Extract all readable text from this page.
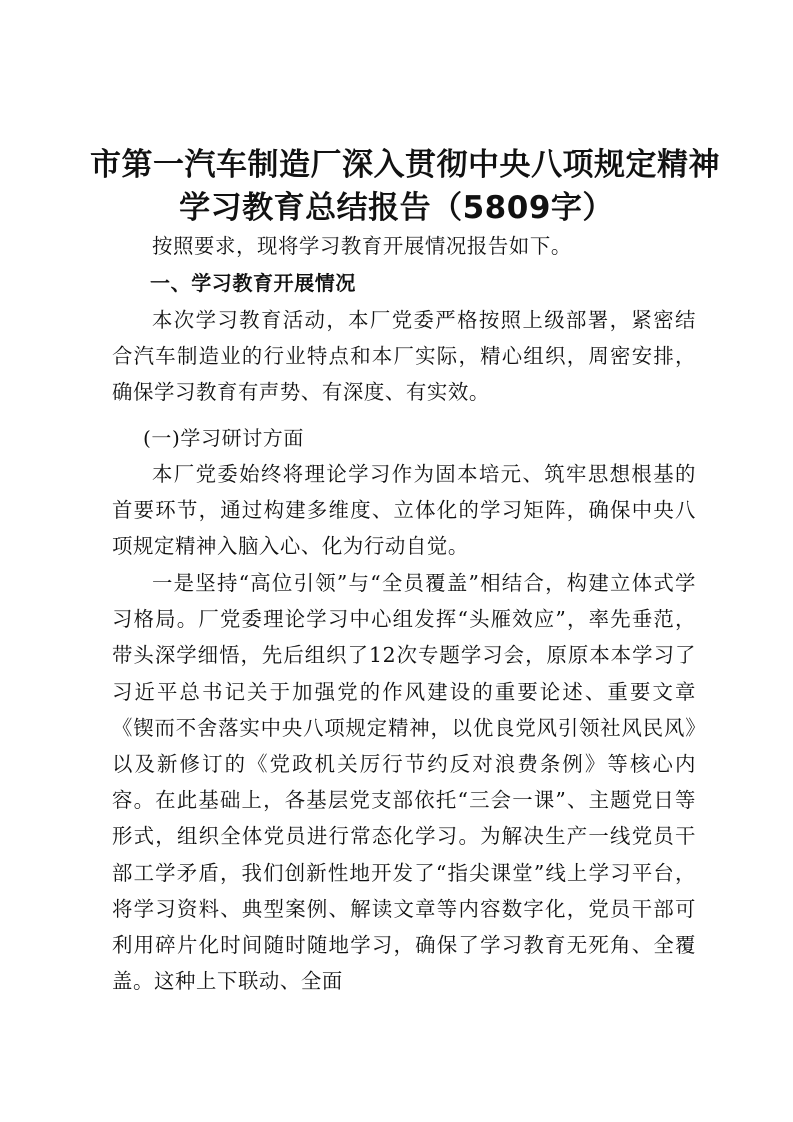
市第一汽车制造厂深入贯彻中央八项规定精神
学习教育总结报告（5809字）
按照要求，现将学习教育开展情况报告如下。
一、学习教育开展情况
本次学习教育活动，本厂党委严格按照上级部署，紧密结合汽车制造业的行业特点和本厂实际，精心组织，周密安排，确保学习教育有声势、有深度、有实效。
(一)学习研讨方面
本厂党委始终将理论学习作为固本培元、筑牢思想根基的首要环节，通过构建多维度、立体化的学习矩阵，确保中央八项规定精神入脑入心、化为行动自觉。
一是坚持“高位引领”与“全员覆盖”相结合，构建立体式学习格局。厂党委理论学习中心组发挥“头雁效应”，率先垂范，带头深学细悟，先后组织了12次专题学习会，原原本本学习了习近平总书记关于加强党的作风建设的重要论述、重要文章《锲而不舍落实中央八项规定精神，以优良党风引领社风民风》以及新修订的《党政机关厉行节约反对浪费条例》等核心内容。在此基础上，各基层党支部依托“三会一课”、主题党日等形式，组织全体党员进行常态化学习。为解决生产一线党员干部工学矛盾，我们创新性地开发了“指尖课堂”线上学习平台，将学习资料、典型案例、解读文章等内容数字化，党员干部可利用碎片化时间随时随地学习，确保了学习教育无死角、全覆盖。这种上下联动、全面
